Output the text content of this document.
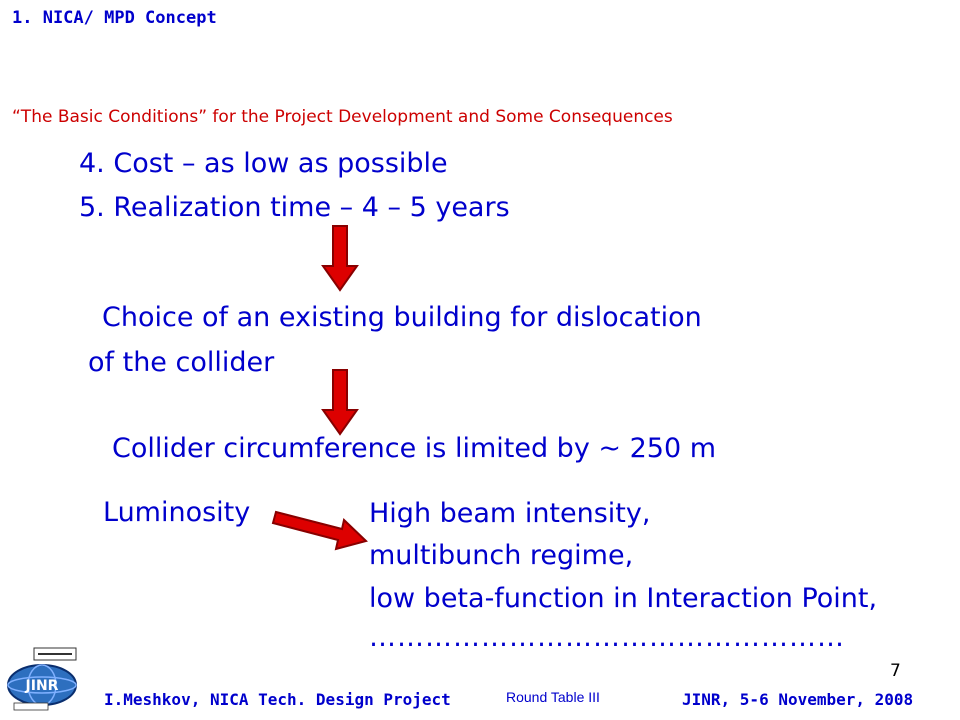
1. NICA/ MPD Concept
“The Basic Conditions” for the Project Development and Some Consequences
4. Cost – as low as possible
5. Realization time – 4 – 5 years
Choice of an existing building for dislocation
of the collider
Collider circumference is limited by ~ 250 m
Luminosity	High beam intensity,
multibunch regime,
low beta-function in Interaction Point,
……………………………………………
7
JINR
I.Meshkov, NICA Tech. Design Project	Round Table III	JINR, 5-6 November, 2008
